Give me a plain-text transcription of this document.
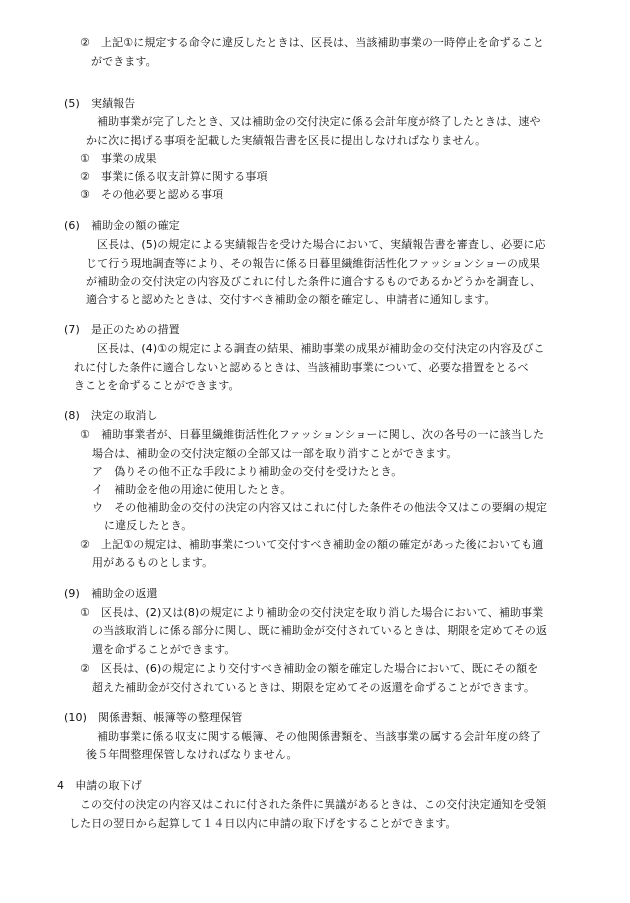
②　上記①に規定する命令に違反したときは、区長は、当該補助事業の一時停止を命ずること

ができます。

(5)　実績報告

補助事業が完了したとき、又は補助金の交付決定に係る会計年度が終了したときは、速や

かに次に掲げる事項を記載した実績報告書を区長に提出しなければなりません。

①　事業の成果

②　事業に係る収支計算に関する事項

③　その他必要と認める事項

(6)　補助金の額の確定

区長は、(5)の規定による実績報告を受けた場合において、実績報告書を審査し、必要に応

じて行う現地調査等により、その報告に係る日暮里繊維街活性化ファッションショーの成果

が補助金の交付決定の内容及びこれに付した条件に適合するものであるかどうかを調査し、

適合すると認めたときは、交付すべき補助金の額を確定し、申請者に通知します。

(7)　是正のための措置

区長は、(4)①の規定による調査の結果、補助事業の成果が補助金の交付決定の内容及びこ

れに付した条件に適合しないと認めるときは、当該補助事業について、必要な措置をとるべ

きことを命ずることができます。

(8)　決定の取消し

①　補助事業者が、日暮里繊維街活性化ファッションショーに関し、次の各号の一に該当した

場合は、補助金の交付決定額の全部又は一部を取り消すことができます。

ア　偽りその他不正な手段により補助金の交付を受けたとき。

イ　補助金を他の用途に使用したとき。

ウ　その他補助金の交付の決定の内容又はこれに付した条件その他法令又はこの要綱の規定

に違反したとき。

②　上記①の規定は、補助事業について交付すべき補助金の額の確定があった後においても適

用があるものとします。

(9)　補助金の返還

①　区長は、(2)又は(8)の規定により補助金の交付決定を取り消した場合において、補助事業

の当該取消しに係る部分に関し、既に補助金が交付されているときは、期限を定めてその返

還を命ずることができます。

②　区長は、(6)の規定により交付すべき補助金の額を確定した場合において、既にその額を

超えた補助金が交付されているときは、期限を定めてその返還を命ずることができます。

(10)　関係書類、帳簿等の整理保管

補助事業に係る収支に関する帳簿、その他関係書類を、当該事業の属する会計年度の終了

後５年間整理保管しなければなりません。

4　申請の取下げ

この交付の決定の内容又はこれに付された条件に異議があるときは、この交付決定通知を受領

した日の翌日から起算して１４日以内に申請の取下げをすることができます。
